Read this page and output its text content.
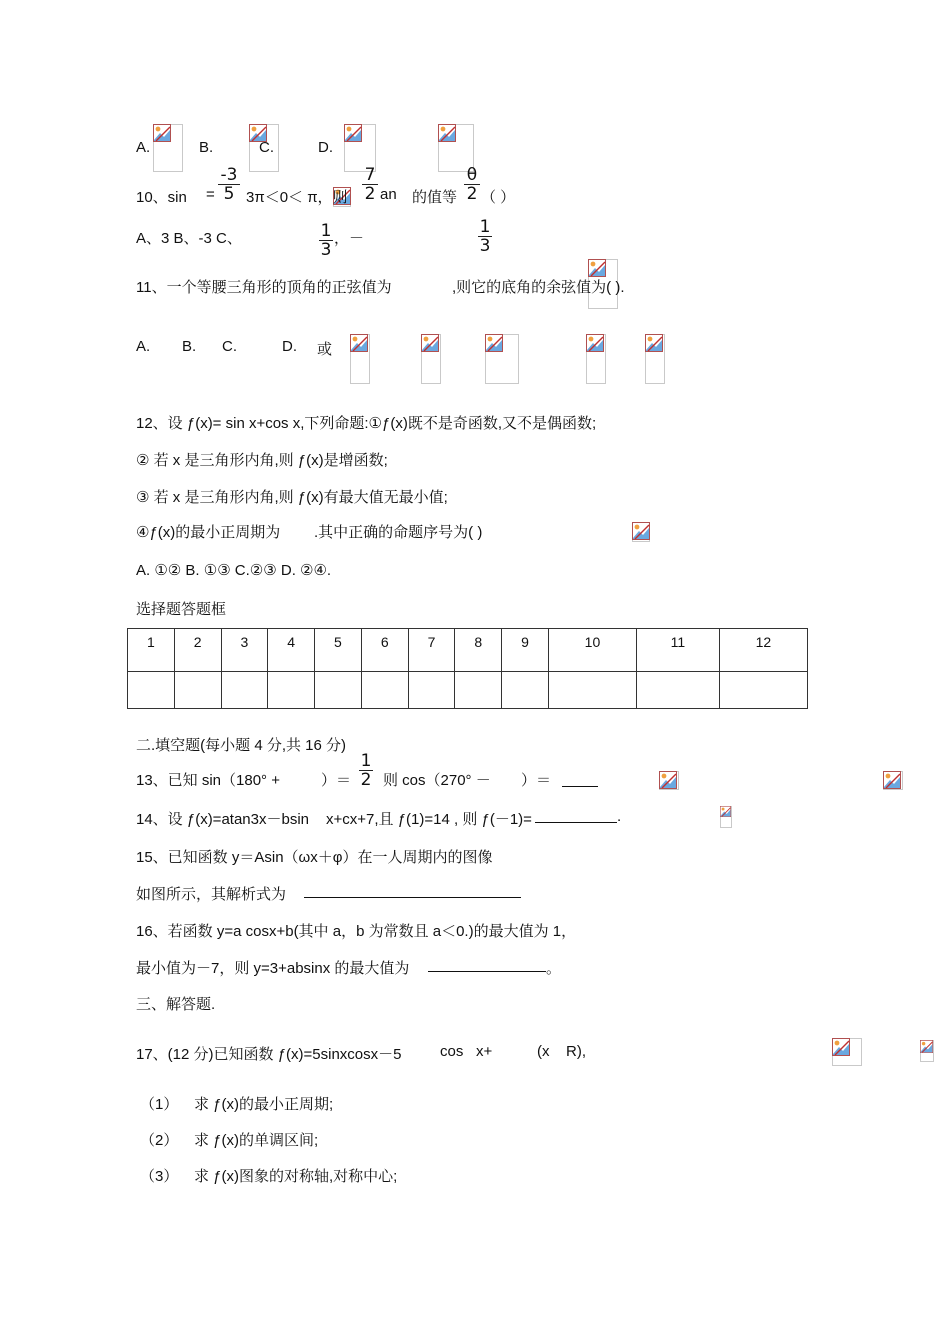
A.
	B.
	C.
	D.

10、sin
=
-3
5 3π＜0＜ π，则
7
2 an 的值等
θ
2 （ ）
A、3 B、-3 C、	1
3
，－
1
3
11、一个等腰三角形的顶角的正弦值为
	,则它的底角的余弦值为( ).
A.
B.
C.
	D.
或

12、设 ƒ(x)= sin x+cos x,下列命题:①ƒ(x)既不是奇函数,又不是偶函数;
② 若 x 是三角形内角,则 ƒ(x)是增函数;
③ 若 x 是三角形内角,则 ƒ(x)有最大值无最小值;
④ƒ(x)的最小正周期为
.其中正确的命题序号为( )
A. ①② B. ①③ C.②③ D. ②④.
选择题答题框
1	2	3	4	5	6	7	8	9	10	11	12

二.填空题(每小题 4 分,共 16 分)
13、已知 sin（180° +
	）＝
1
2 则 cos（270° －
）＝
14、设 ƒ(x)=atan3x－bsin
x+cx+7,且 ƒ(1)=14 , 则 ƒ(－1)=	.
15、已知函数 y＝Asin（ωx＋φ）在一人周期内的图像
如图所示，其解析式为
16、若函数 y=a cosx+b(其中 a，b 为常数且 a＜0.)的最大值为 1，
最小值为－7，则 y=3+absinx 的最大值为	。
三、解答题.
17、(12 分)已知函数 ƒ(x)=5sinxcosx－5
	cos
x+
	(x R),
（1） 求 ƒ(x)的最小正周期;
（2） 求 ƒ(x)的单调区间;
（3） 求 ƒ(x)图象的对称轴,对称中心;
